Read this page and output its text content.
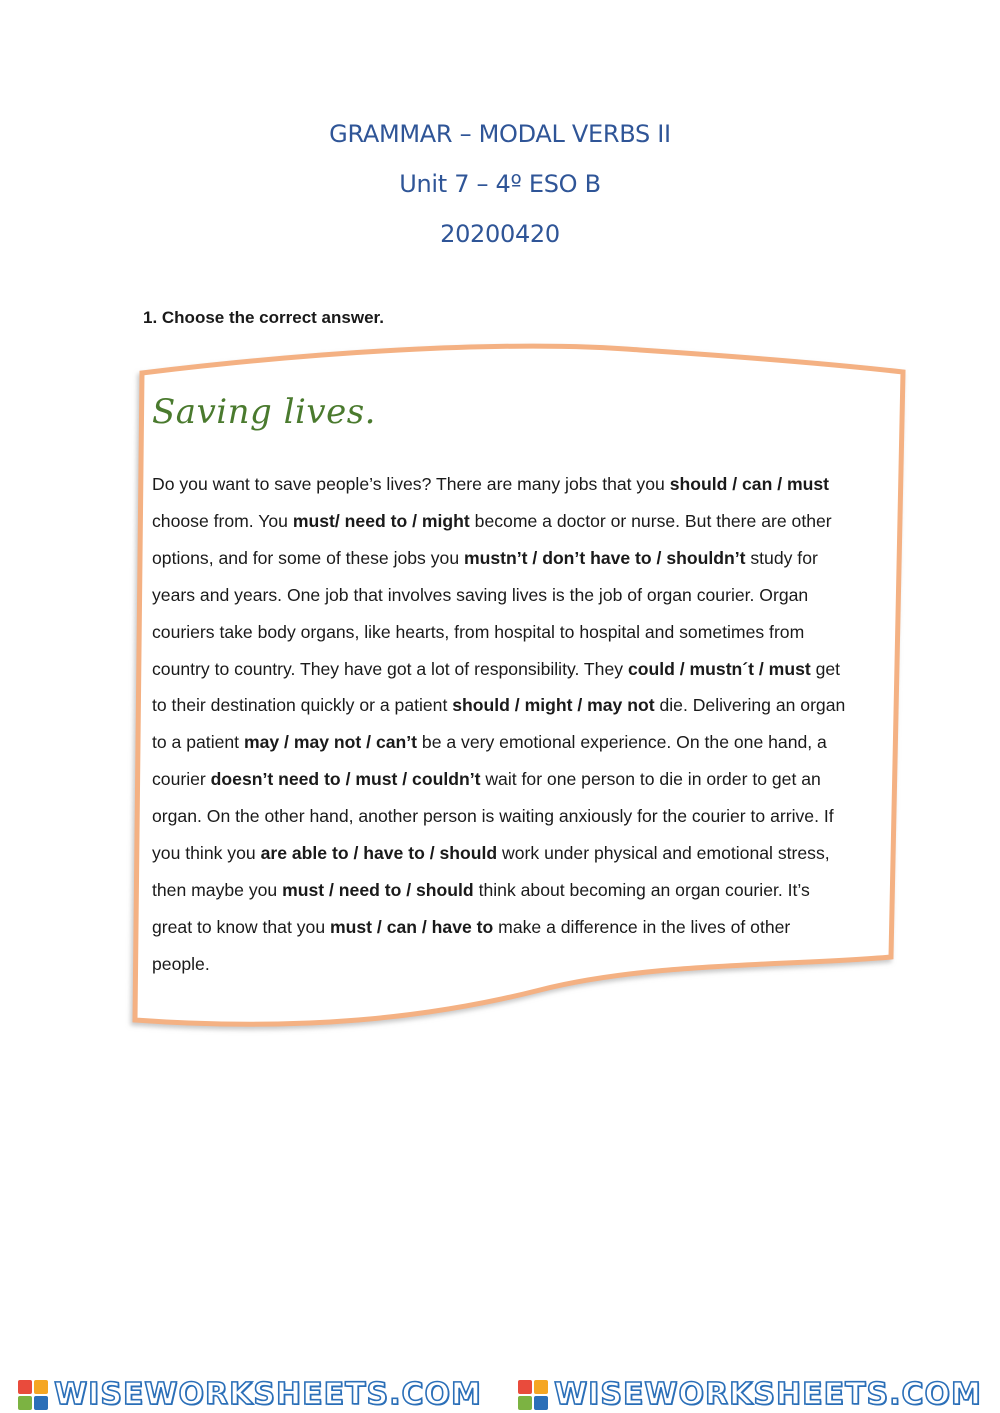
GRAMMAR – MODAL VERBS II
Unit 7 – 4º ESO B
20200420
1. Choose the correct answer.
Saving lives.
Do you want to save people’s lives? There are many jobs that you should / can / must
choose from. You must/ need to / might become a doctor or nurse. But there are other
options, and for some of these jobs you mustn’t / don’t have to / shouldn’t study for
years and years. One job that involves saving lives is the job of organ courier. Organ
couriers take body organs, like hearts, from hospital to hospital and sometimes from
country to country. They have got a lot of responsibility. They could / mustn´t / must get
to their destination quickly or a patient should / might / may not die. Delivering an organ
to a patient may / may not / can’t be a very emotional experience. On the one hand, a
courier doesn’t need to / must / couldn’t wait for one person to die in order to get an
organ. On the other hand, another person is waiting anxiously for the courier to arrive. If
you think you are able to / have to / should work under physical and emotional stress,
then maybe you must / need to / should think about becoming an organ courier. It’s
great to know that you must / can / have to make a difference in the lives of other
people.
WISEWORKSHEETS.COM WISEWORKSHEETS.COM
